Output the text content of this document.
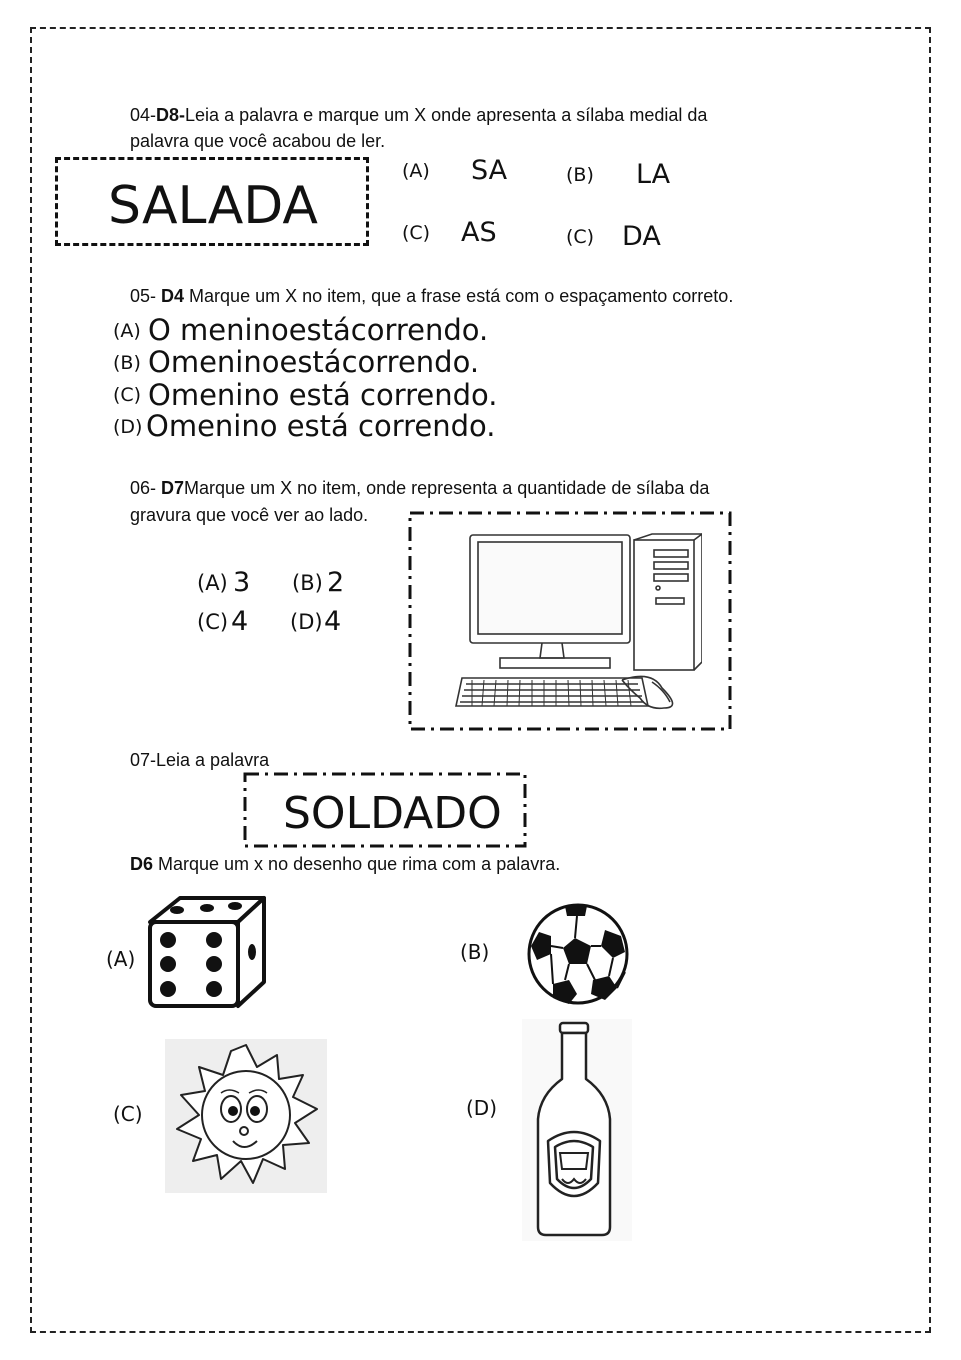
04-D8-Leia a palavra e marque um X onde apresenta a sílaba medial da
palavra que você acabou de ler.
SALADA
(A) SA	(B) LA
(C) AS	(C) DA
05- D4 Marque um X no item, que a frase está com o espaçamento correto.
(A) O meninoestácorrendo.
(B) Omeninoestácorrendo.
(C) Omenino está correndo.
(D) Omenino está correndo.
06- D7Marque um X no item, onde representa a quantidade de sílaba da
gravura que você ver ao lado.
(A) 3 (B) 2
(C) 4 (D) 4
07-Leia a palavra
SOLDADO
D6 Marque um x no desenho que rima com a palavra.
(A)	(B)
(C)	(D)
